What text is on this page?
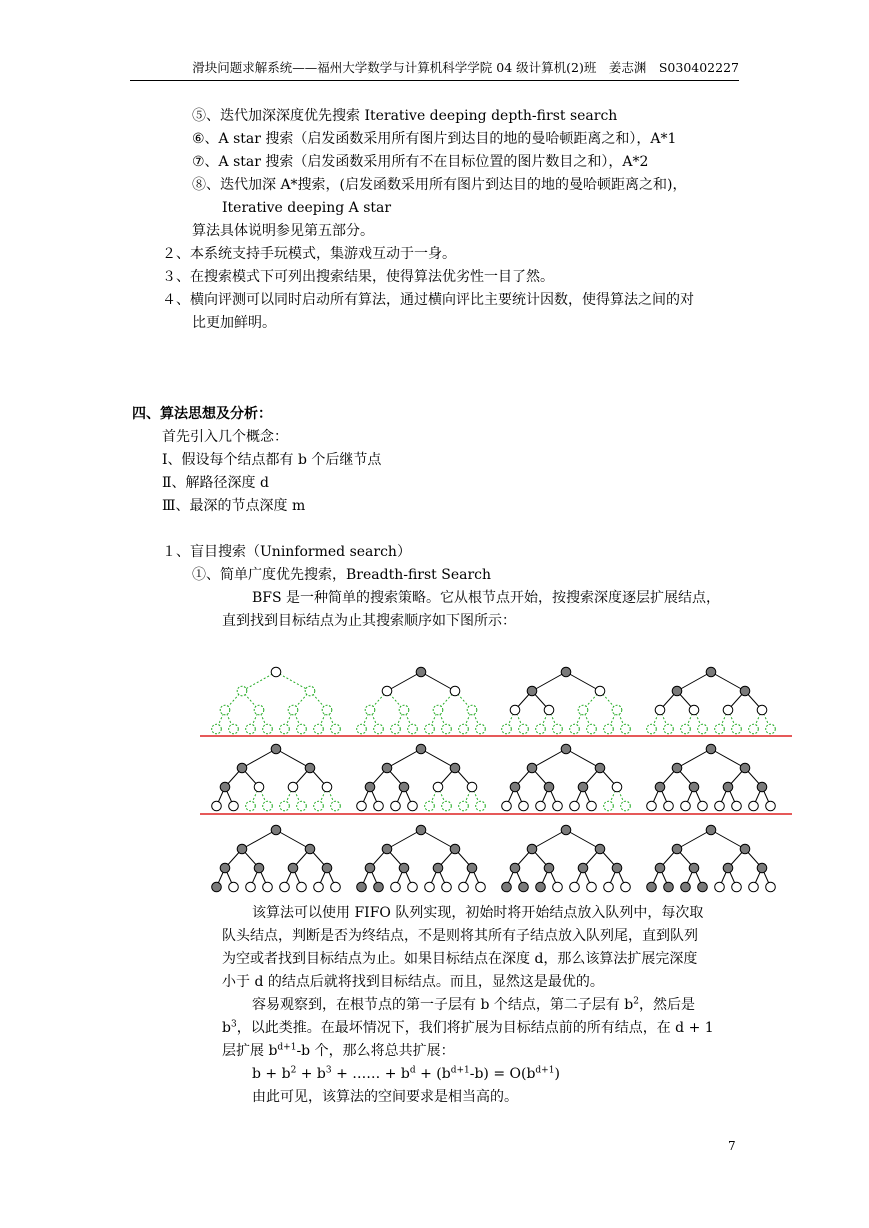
滑块问题求解系统——福州大学数学与计算机科学学院 04 级计算机(2)班　姜志渊　S030402227
⑤、迭代加深深度优先搜索 Iterative deeping depth-first search
⑥、A star 搜索（启发函数采用所有图片到达目的地的曼哈顿距离之和），A*1
⑦、A star 搜索（启发函数采用所有不在目标位置的图片数目之和），A*2
⑧、迭代加深 A*搜索，(启发函数采用所有图片到达目的地的曼哈顿距离之和)，
Iterative deeping A star
算法具体说明参见第五部分。
２、本系统支持手玩模式，集游戏互动于一身。
３、在搜索模式下可列出搜索结果，使得算法优劣性一目了然。
４、横向评测可以同时启动所有算法，通过横向评比主要统计因数，使得算法之间的对
比更加鲜明。
四、算法思想及分析：
首先引入几个概念：
Ⅰ、假设每个结点都有 b 个后继节点
Ⅱ、解路径深度 d
Ⅲ、最深的节点深度 m
１、盲目搜索（Uninformed search）
①、简单广度优先搜索，Breadth-first Search
BFS 是一种简单的搜索策略。它从根节点开始，按搜索深度逐层扩展结点，
直到找到目标结点为止其搜索顺序如下图所示：
该算法可以使用 FIFO 队列实现，初始时将开始结点放入队列中，每次取
队头结点，判断是否为终结点，不是则将其所有子结点放入队列尾，直到队列
为空或者找到目标结点为止。如果目标结点在深度 d，那么该算法扩展完深度
小于 d 的结点后就将找到目标结点。而且，显然这是最优的。
容易观察到，在根节点的第一子层有 b 个结点，第二子层有 $b^2$，然后是
$b^3$，以此类推。在最坏情况下，我们将扩展为目标结点前的所有结点，在 d + 1
层扩展 $b^{d+1}-b$ 个，那么将总共扩展：
$b + b^2 + b^3$ + …… + $b^d + (b^{d+1}-b) = O(b^{d+1})$
由此可见，该算法的空间要求是相当高的。
7
